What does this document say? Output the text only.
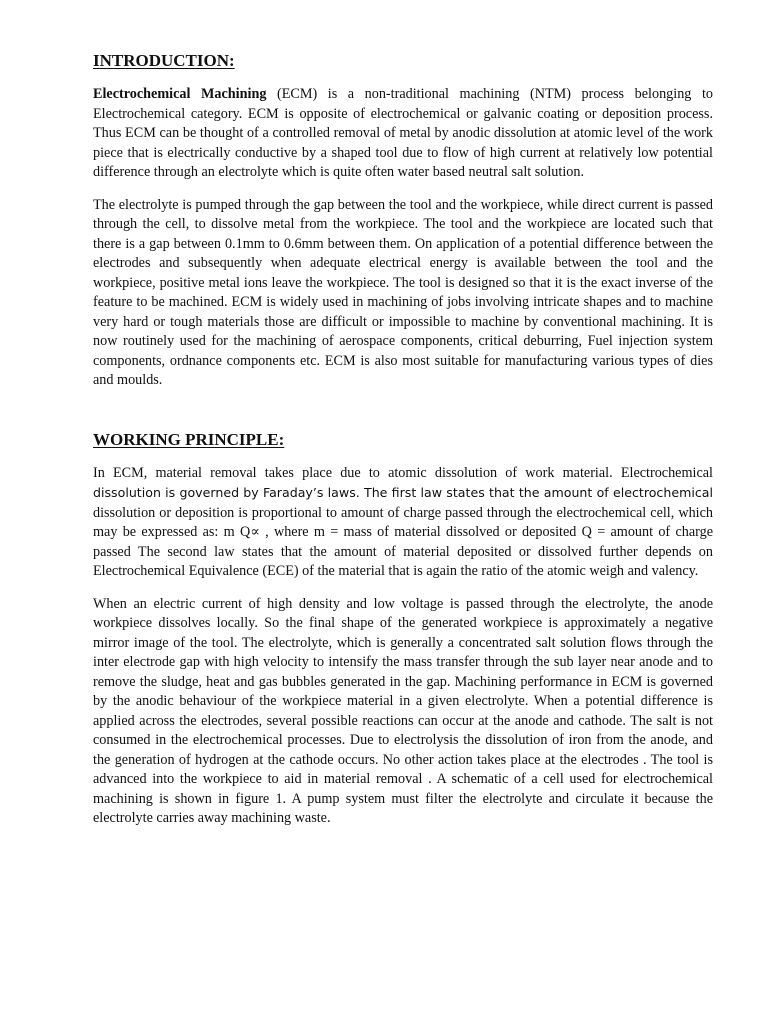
INTRODUCTION:

Electrochemical Machining (ECM) is a non-traditional machining (NTM) process belonging to Electrochemical category. ECM is opposite of electrochemical or galvanic coating or deposition process. Thus ECM can be thought of a controlled removal of metal by anodic dissolution at atomic level of the work piece that is electrically conductive by a shaped tool due to flow of high current at relatively low potential difference through an electrolyte which is quite often water based neutral salt solution.

The electrolyte is pumped through the gap between the tool and the workpiece, while direct current is passed through the cell, to dissolve metal from the workpiece. The tool and the workpiece are located such that there is a gap between 0.1mm to 0.6mm between them. On application of a potential difference between the electrodes and subsequently when adequate electrical energy is available between the tool and the workpiece, positive metal ions leave the workpiece. The tool is designed so that it is the exact inverse of the feature to be machined. ECM is widely used in machining of jobs involving intricate shapes and to machine very hard or tough materials those are difficult or impossible to machine by conventional machining. It is now routinely used for the machining of aerospace components, critical deburring, Fuel injection system components, ordnance components etc. ECM is also most suitable for manufacturing various types of dies and moulds.

WORKING PRINCIPLE:

In ECM, material removal takes place due to atomic dissolution of work material. Electrochemical dissolution is governed by Faraday’s laws. The first law states that the amount of electrochemical dissolution or deposition is proportional to amount of charge passed through the electrochemical cell, which may be expressed as: m Q∝ , where m = mass of material dissolved or deposited Q = amount of charge passed The second law states that the amount of material deposited or dissolved further depends on Electrochemical Equivalence (ECE) of the material that is again the ratio of the atomic weigh and valency.

When an electric current of high density and low voltage is passed through the electrolyte, the anode workpiece dissolves locally. So the final shape of the generated workpiece is approximately a negative mirror image of the tool. The electrolyte, which is generally a concentrated salt solution flows through the inter electrode gap with high velocity to intensify the mass transfer through the sub layer near anode and to remove the sludge, heat and gas bubbles generated in the gap. Machining performance in ECM is governed by the anodic behaviour of the workpiece material in a given electrolyte. When a potential difference is applied across the electrodes, several possible reactions can occur at the anode and cathode. The salt is not consumed in the electrochemical processes. Due to electrolysis the dissolution of iron from the anode, and the generation of hydrogen at the cathode occurs. No other action takes place at the electrodes . The tool is advanced into the workpiece to aid in material removal . A schematic of a cell used for electrochemical machining is shown in figure 1. A pump system must filter the electrolyte and circulate it because the electrolyte carries away machining waste.
